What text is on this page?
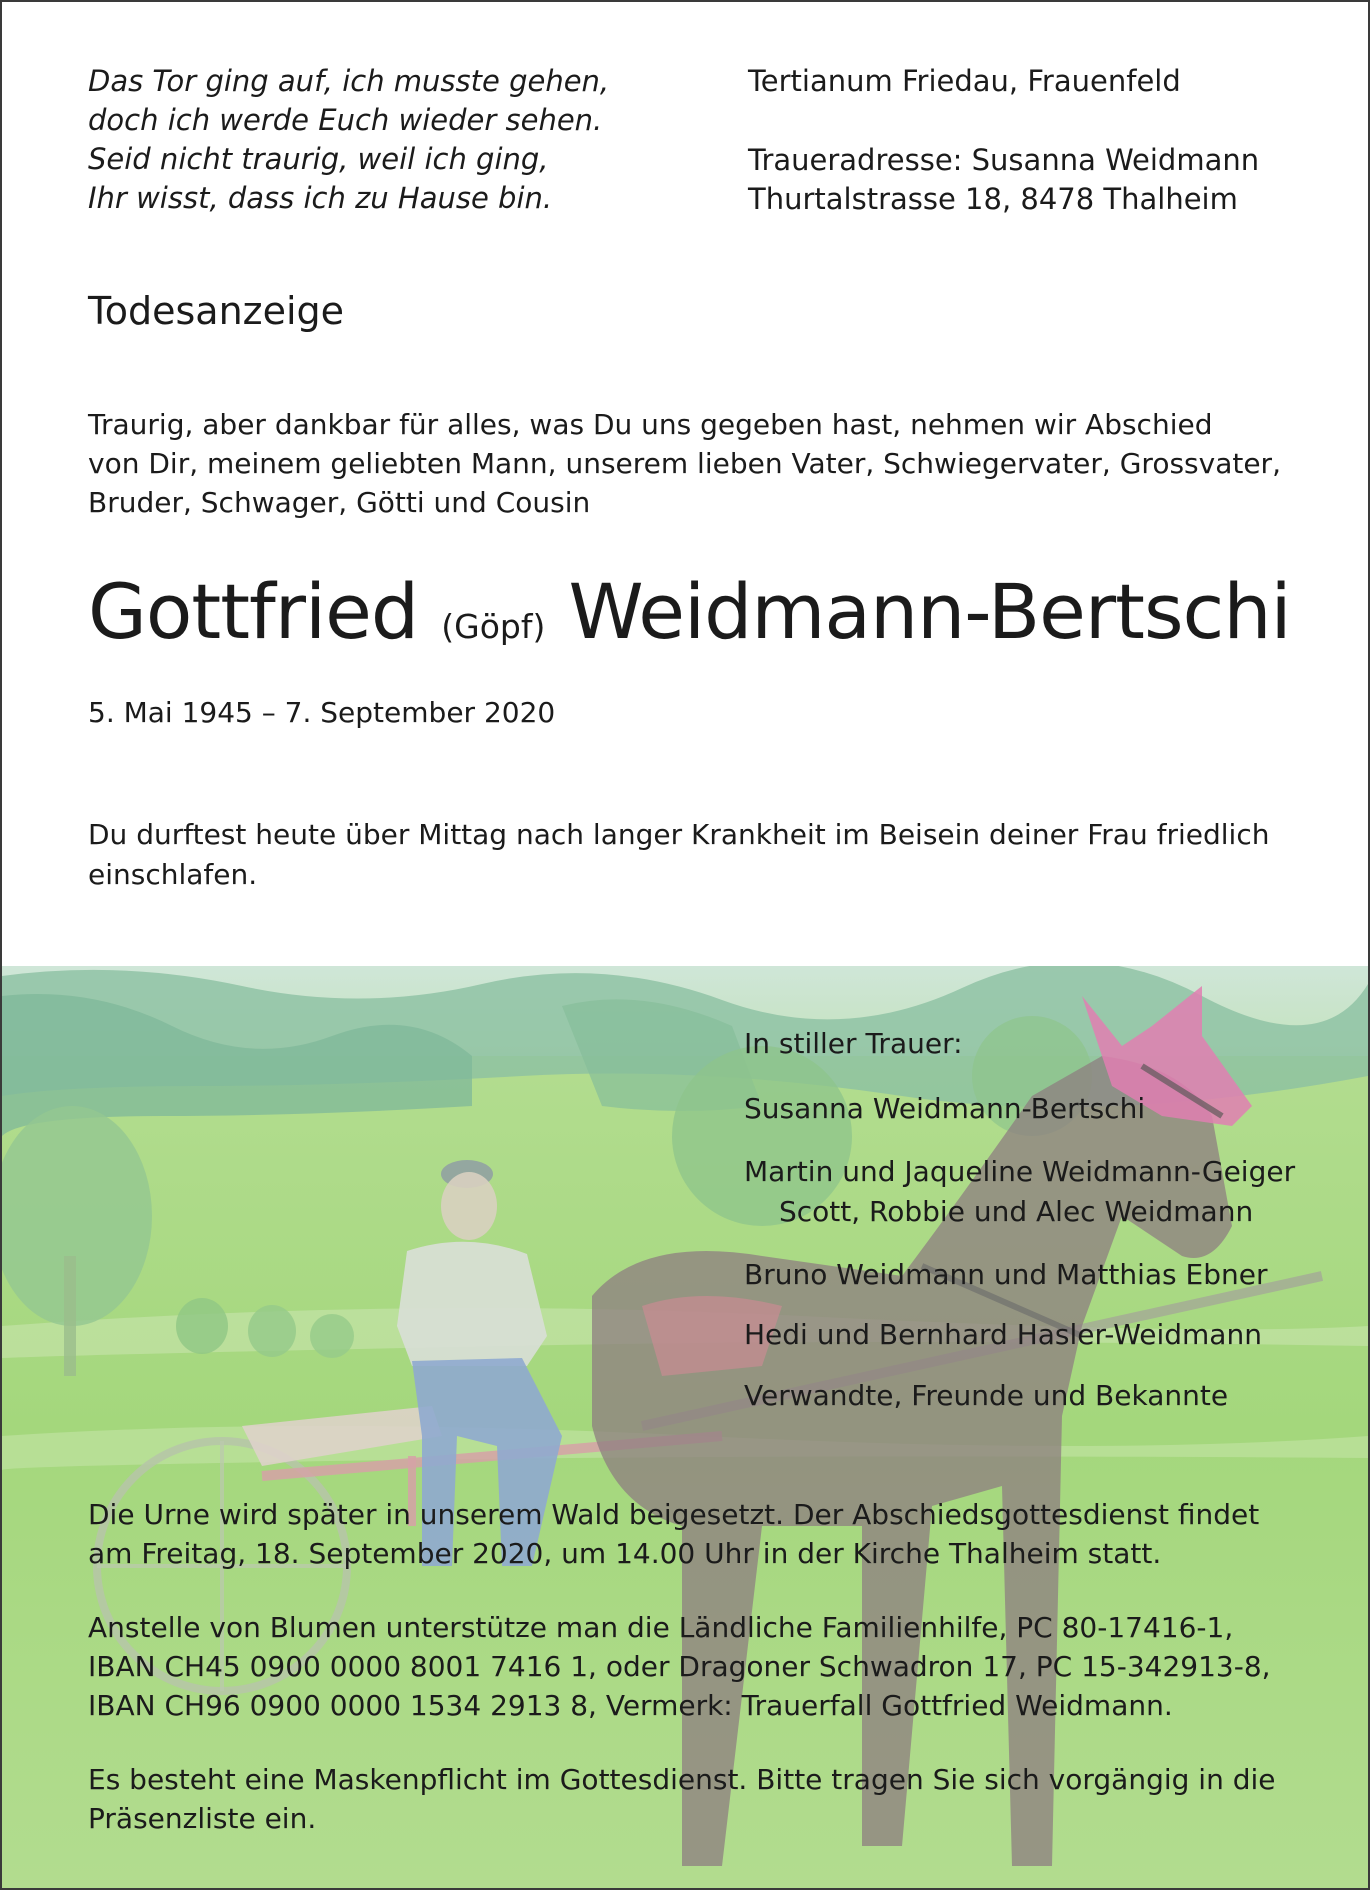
Das Tor ging auf, ich musste gehen,
doch ich werde Euch wieder sehen.
Seid nicht traurig, weil ich ging,
Ihr wisst, dass ich zu Hause bin.
Tertianum Friedau, Frauenfeld
Traueradresse: Susanna Weidmann
Thurtalstrasse 18, 8478 Thalheim
Todesanzeige
Traurig, aber dankbar für alles, was Du uns gegeben hast, nehmen wir Abschied
von Dir, meinem geliebten Mann, unserem lieben Vater, Schwiegervater, Grossvater,
Bruder, Schwager, Götti und Cousin
Gottfried (Göpf) Weidmann-Bertschi
5. Mai 1945 – 7. September 2020
Du durftest heute über Mittag nach langer Krankheit im Beisein deiner Frau friedlich
einschlafen.
In stiller Trauer:
Susanna Weidmann-Bertschi
Martin und Jaqueline Weidmann-Geiger
Scott, Robbie und Alec Weidmann
Bruno Weidmann und Matthias Ebner
Hedi und Bernhard Hasler-Weidmann
Verwandte, Freunde und Bekannte
Die Urne wird später in unserem Wald beigesetzt. Der Abschiedsgottesdienst findet
am Freitag, 18. September 2020, um 14.00 Uhr in der Kirche Thalheim statt.
Anstelle von Blumen unterstütze man die Ländliche Familienhilfe, PC 80-17416-1,
IBAN CH45 0900 0000 8001 7416 1, oder Dragoner Schwadron 17, PC 15-342913-8,
IBAN CH96 0900 0000 1534 2913 8, Vermerk: Trauerfall Gottfried Weidmann.
Es besteht eine Maskenpflicht im Gottesdienst. Bitte tragen Sie sich vorgängig in die
Präsenzliste ein.
